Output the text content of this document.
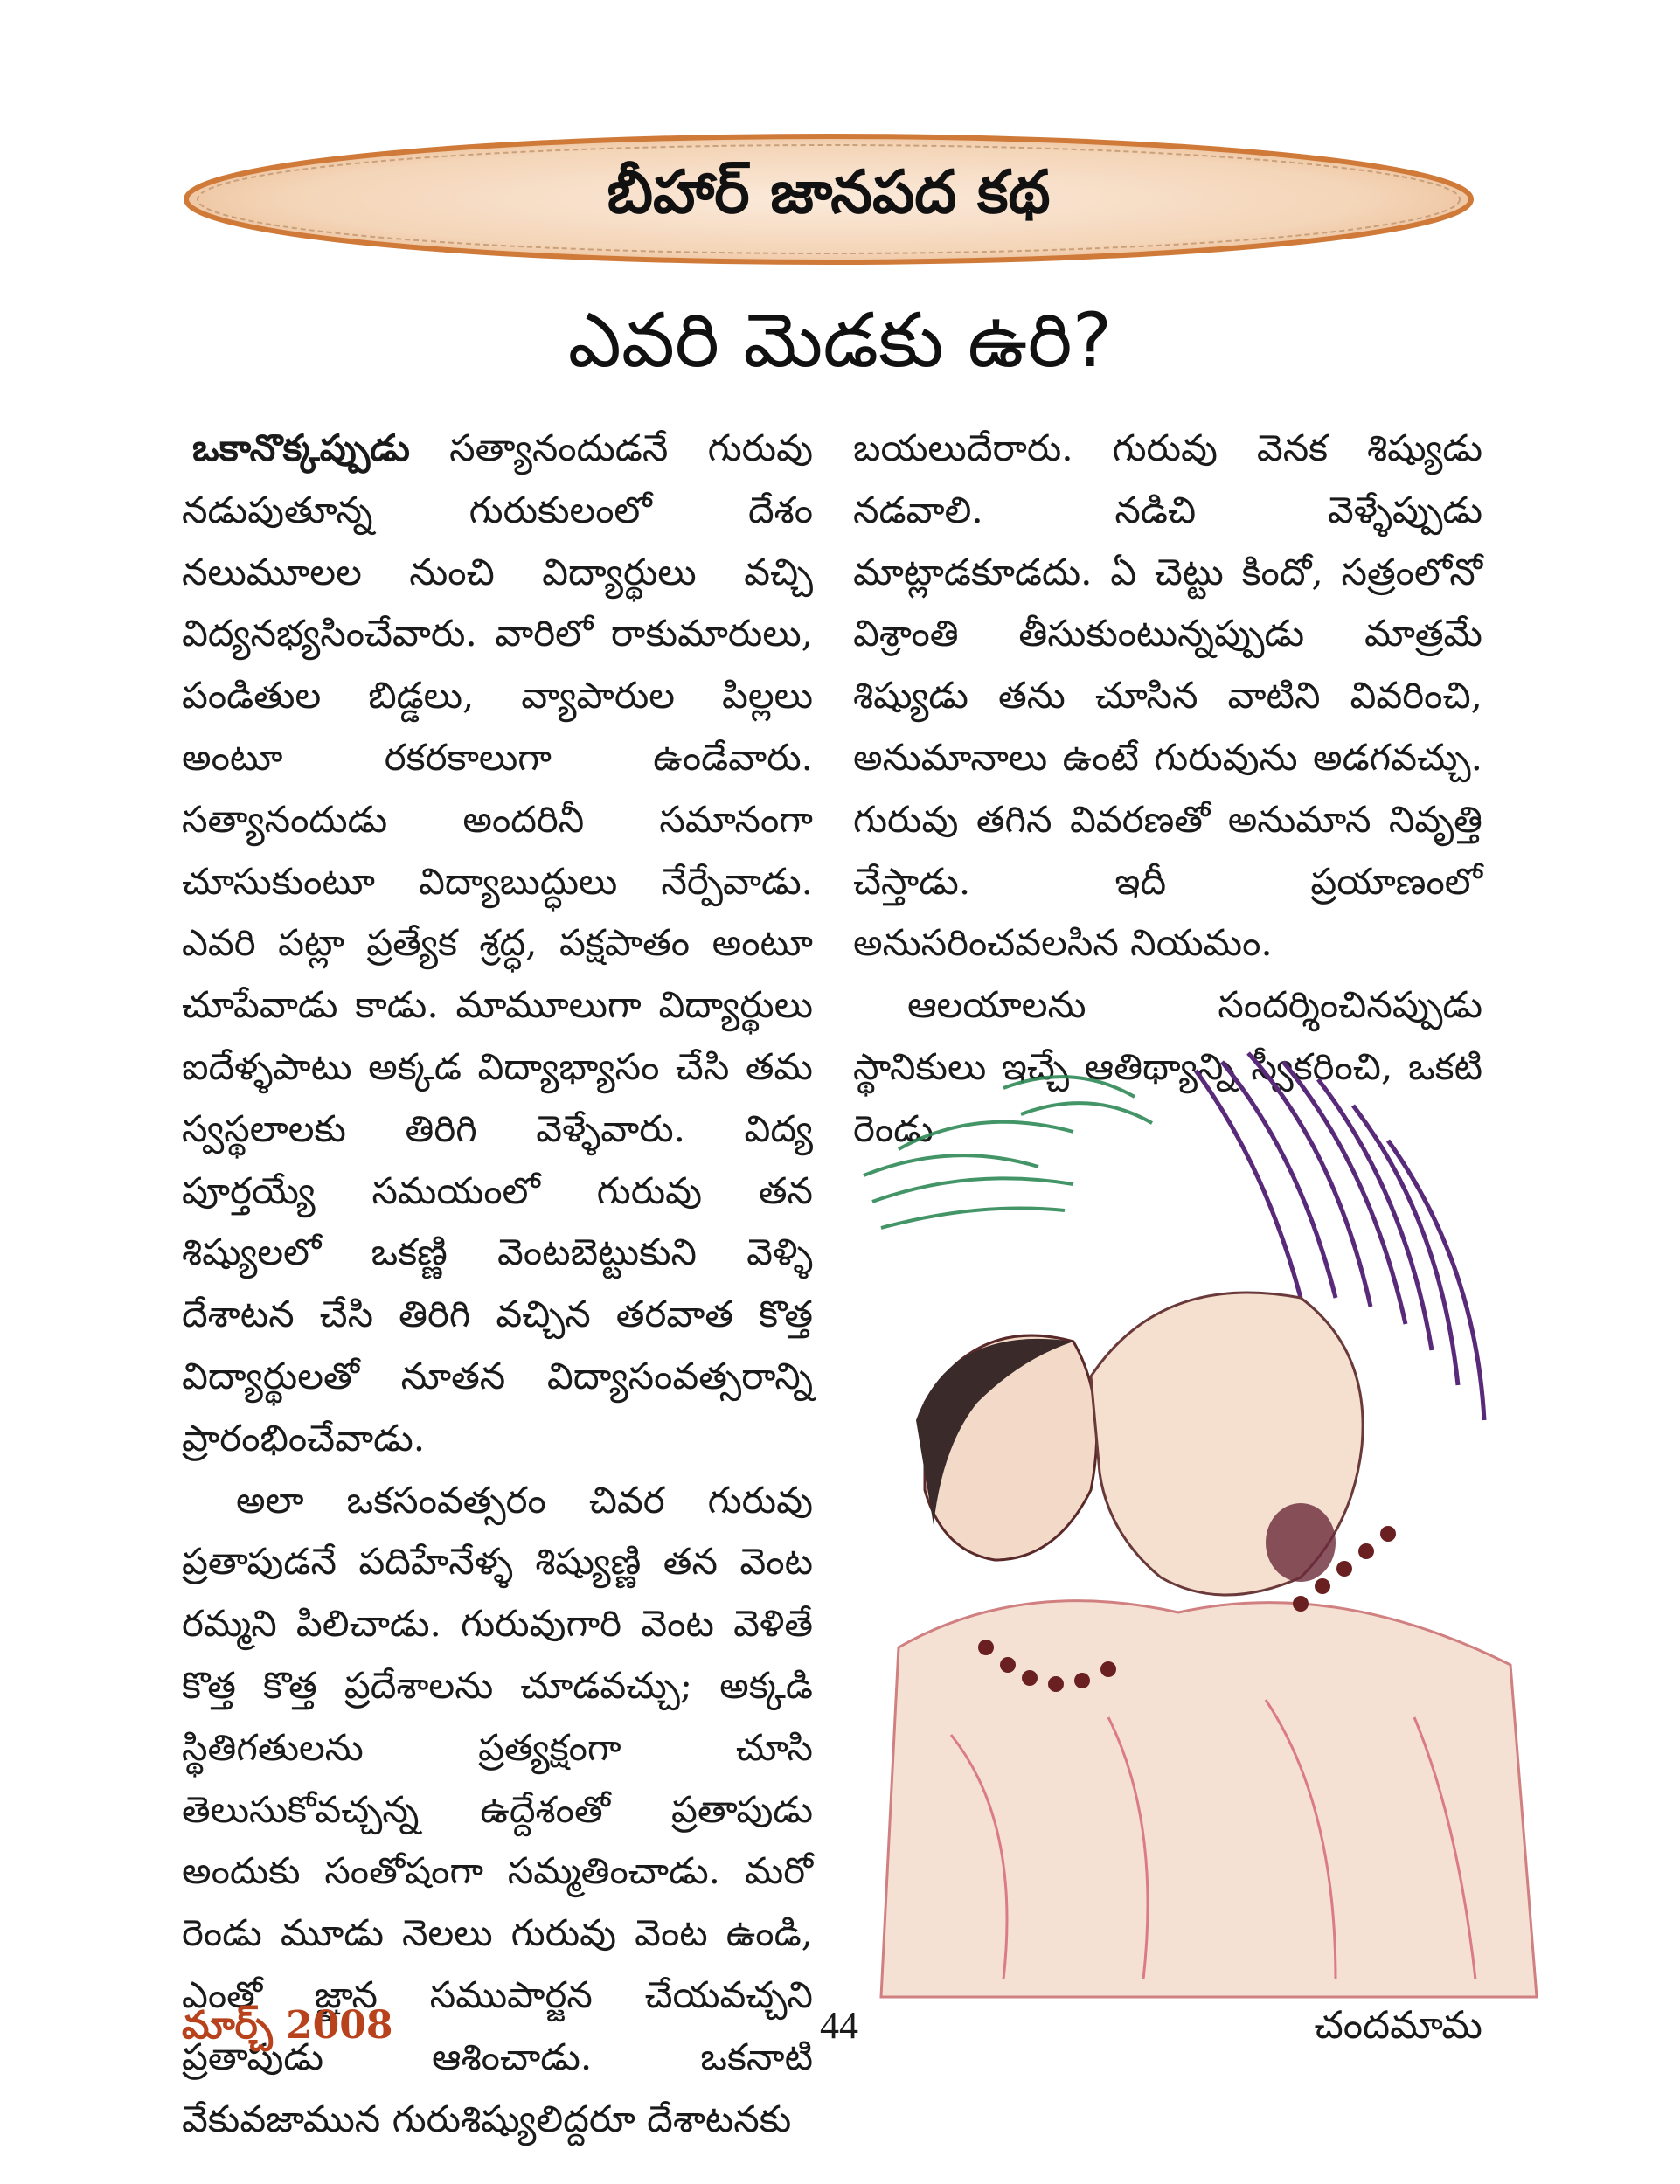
బీహార్ జానపద కథ
ఎవరి మెడకు ఉరి?

ఒకానొక్కప్పుడు సత్యానందుడనే గురువు నడుపుతూన్న గురుకులంలో దేశం నలుమూలల నుంచి విద్యార్థులు వచ్చి విద్యనభ్యసించేవారు. వారిలో రాకుమారులు, పండితుల బిడ్డలు, వ్యాపారుల పిల్లలు అంటూ రకరకాలుగా ఉండేవారు. సత్యానందుడు అందరినీ సమానంగా చూసుకుంటూ విద్యాబుద్ధులు నేర్పేవాడు. ఎవరి పట్లా ప్రత్యేక శ్రద్ధ, పక్షపాతం అంటూ చూపేవాడు కాడు. మామూలుగా విద్యార్థులు ఐదేళ్ళపాటు అక్కడ విద్యాభ్యాసం చేసి తమ స్వస్థలాలకు తిరిగి వెళ్ళేవారు. విద్య పూర్తయ్యే సమయంలో గురువు తన శిష్యులలో ఒకణ్ణి వెంటబెట్టుకుని వెళ్ళి దేశాటన చేసి తిరిగి వచ్చిన తరవాత కొత్త విద్యార్థులతో నూతన విద్యాసంవత్సరాన్ని ప్రారంభించేవాడు.

అలా ఒకసంవత్సరం చివర గురువు ప్రతాపుడనే పదిహేనేళ్ళ శిష్యుణ్ణి తన వెంట రమ్మని పిలిచాడు. గురువుగారి వెంట వెళితే కొత్త కొత్త ప్రదేశాలను చూడవచ్చు; అక్కడి స్థితిగతులను ప్రత్యక్షంగా చూసి తెలుసుకోవచ్చన్న ఉద్దేశంతో ప్రతాపుడు అందుకు సంతోషంగా సమ్మతించాడు. మరో రెండు మూడు నెలలు గురువు వెంట ఉండి, ఎంతో జ్ఞాన సముపార్జన చేయవచ్చని ప్రతాపుడు ఆశించాడు. ఒకనాటి వేకువజామున గురుశిష్యులిద్దరూ దేశాటనకు

బయలుదేరారు. గురువు వెనక శిష్యుడు నడవాలి. నడిచి వెళ్ళేప్పుడు మాట్లాడకూడదు. ఏ చెట్టు కిందో, సత్రంలోనో విశ్రాంతి తీసుకుంటున్నప్పుడు మాత్రమే శిష్యుడు తను చూసిన వాటిని వివరించి, అనుమానాలు ఉంటే గురువును అడగవచ్చు. గురువు తగిన వివరణతో అనుమాన నివృత్తి చేస్తాడు. ఇదీ ప్రయాణంలో అనుసరించవలసిన నియమం.

ఆలయాలను సందర్శించినప్పుడు స్థానికులు ఇచ్చే ఆతిథ్యాన్ని స్వీకరించి, ఒకటి రెండు

మార్చ్ 2008	44	చందమామ
